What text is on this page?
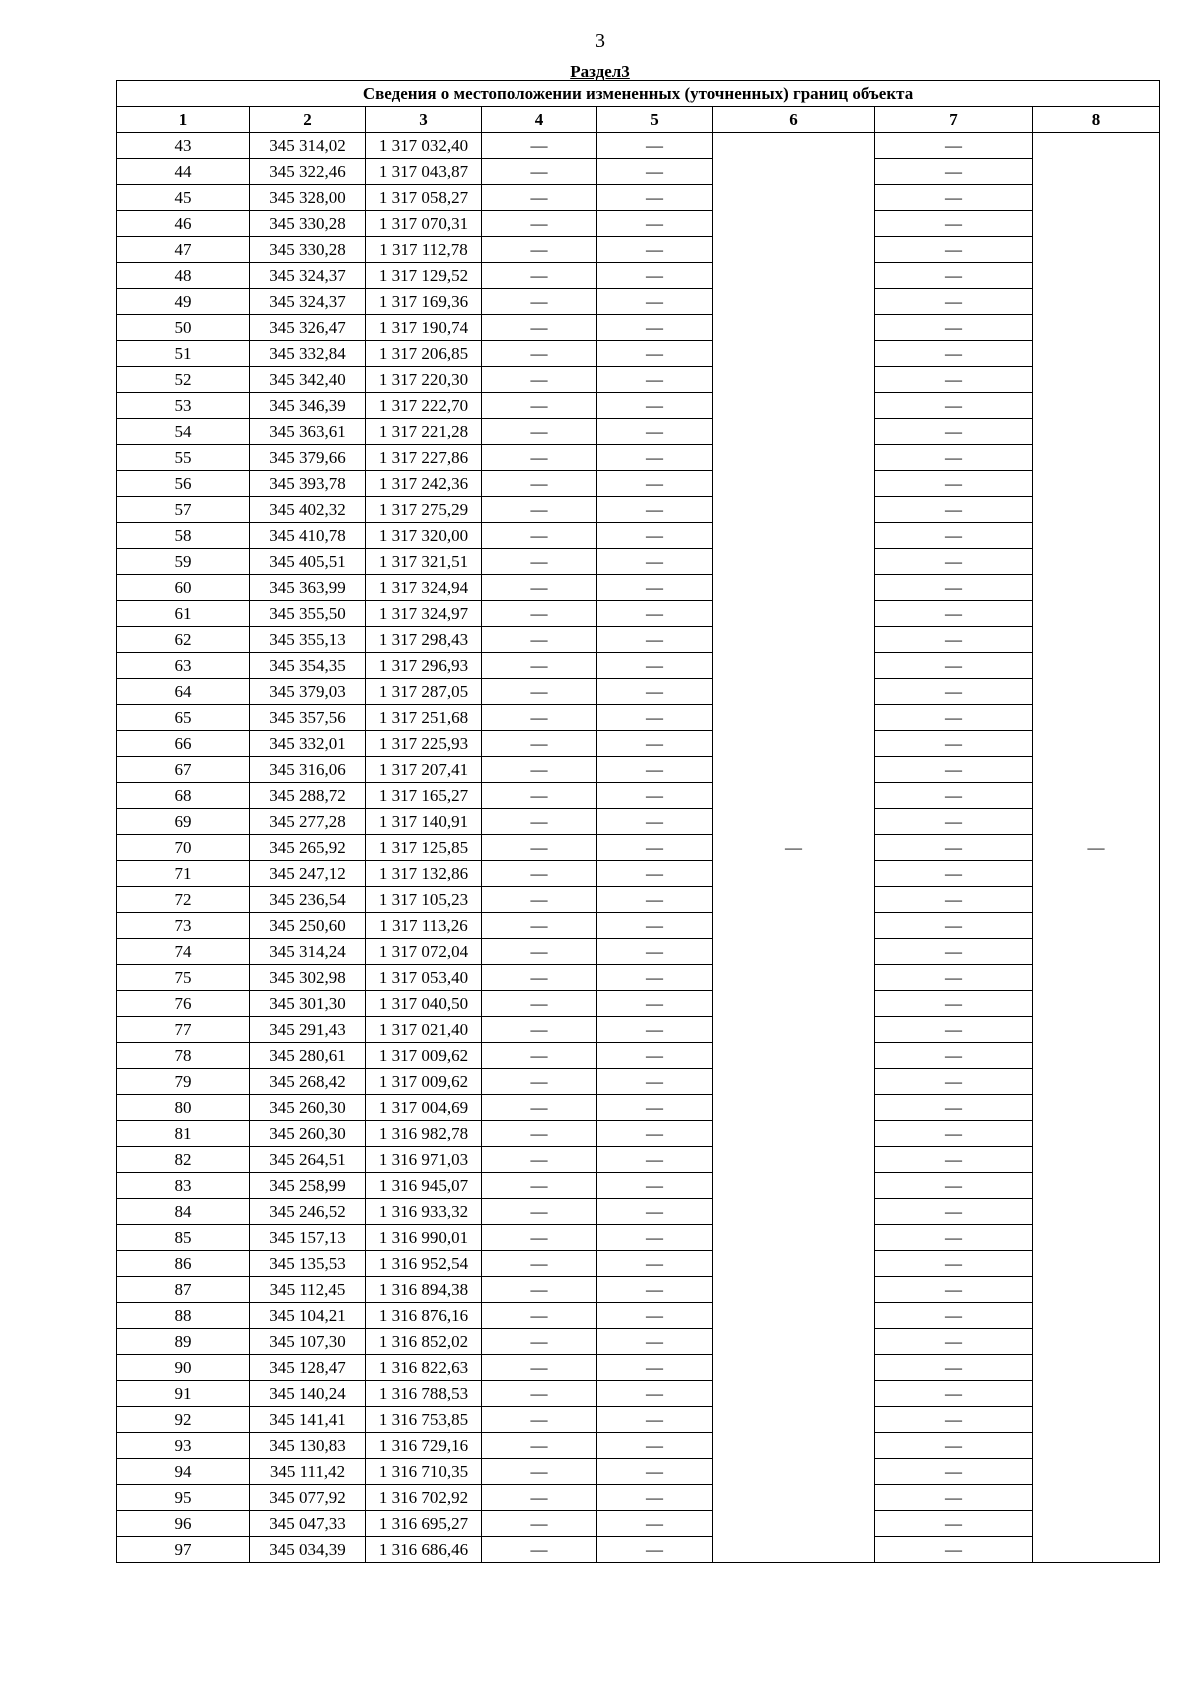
3
Раздел3
Сведения о местоположении измененных (уточненных) границ объекта							
1	2	3	4	5	6	7	8
43	345 314,02	1 317 032,40	—	—	—	—	—
44	345 322,46	1 317 043,87	—	—		—	
45	345 328,00	1 317 058,27	—	—		—	
46	345 330,28	1 317 070,31	—	—		—	
47	345 330,28	1 317 112,78	—	—		—	
48	345 324,37	1 317 129,52	—	—		—	
49	345 324,37	1 317 169,36	—	—		—	
50	345 326,47	1 317 190,74	—	—		—	
51	345 332,84	1 317 206,85	—	—		—	
52	345 342,40	1 317 220,30	—	—		—	
53	345 346,39	1 317 222,70	—	—		—	
54	345 363,61	1 317 221,28	—	—		—	
55	345 379,66	1 317 227,86	—	—		—	
56	345 393,78	1 317 242,36	—	—		—	
57	345 402,32	1 317 275,29	—	—		—	
58	345 410,78	1 317 320,00	—	—		—	
59	345 405,51	1 317 321,51	—	—		—	
60	345 363,99	1 317 324,94	—	—		—	
61	345 355,50	1 317 324,97	—	—		—	
62	345 355,13	1 317 298,43	—	—		—	
63	345 354,35	1 317 296,93	—	—		—	
64	345 379,03	1 317 287,05	—	—		—	
65	345 357,56	1 317 251,68	—	—		—	
66	345 332,01	1 317 225,93	—	—		—	
67	345 316,06	1 317 207,41	—	—		—	
68	345 288,72	1 317 165,27	—	—		—	
69	345 277,28	1 317 140,91	—	—		—	
70	345 265,92	1 317 125,85	—	—		—	
71	345 247,12	1 317 132,86	—	—		—	
72	345 236,54	1 317 105,23	—	—		—	
73	345 250,60	1 317 113,26	—	—		—	
74	345 314,24	1 317 072,04	—	—		—	
75	345 302,98	1 317 053,40	—	—		—	
76	345 301,30	1 317 040,50	—	—		—	
77	345 291,43	1 317 021,40	—	—		—	
78	345 280,61	1 317 009,62	—	—		—	
79	345 268,42	1 317 009,62	—	—		—	
80	345 260,30	1 317 004,69	—	—		—	
81	345 260,30	1 316 982,78	—	—		—	
82	345 264,51	1 316 971,03	—	—		—	
83	345 258,99	1 316 945,07	—	—		—	
84	345 246,52	1 316 933,32	—	—		—	
85	345 157,13	1 316 990,01	—	—		—	
86	345 135,53	1 316 952,54	—	—		—	
87	345 112,45	1 316 894,38	—	—		—	
88	345 104,21	1 316 876,16	—	—		—	
89	345 107,30	1 316 852,02	—	—		—	
90	345 128,47	1 316 822,63	—	—		—	
91	345 140,24	1 316 788,53	—	—		—	
92	345 141,41	1 316 753,85	—	—		—	
93	345 130,83	1 316 729,16	—	—		—	
94	345 111,42	1 316 710,35	—	—		—	
95	345 077,92	1 316 702,92	—	—		—	
96	345 047,33	1 316 695,27	—	—		—	
97	345 034,39	1 316 686,46	—	—		—	
